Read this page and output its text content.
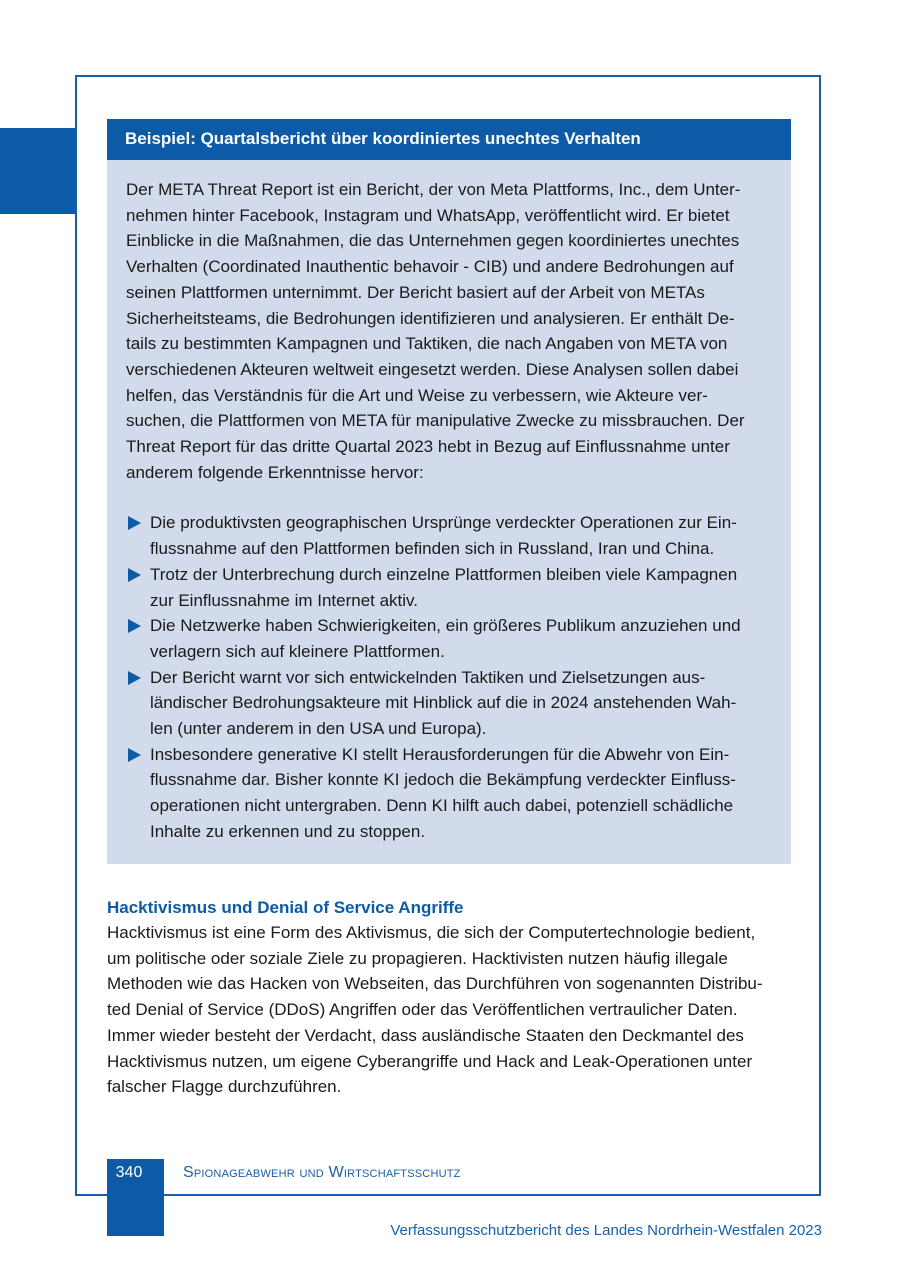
Beispiel: Quartalsbericht über koordiniertes unechtes Verhalten

Der META Threat Report ist ein Bericht, der von Meta Plattforms, Inc., dem Unter-
nehmen hinter Facebook, Instagram und WhatsApp, veröffentlicht wird. Er bietet
Einblicke in die Maßnahmen, die das Unternehmen gegen koordiniertes unechtes
Verhalten (Coordinated Inauthentic behavoir - CIB) und andere Bedrohungen auf
seinen Plattformen unternimmt. Der Bericht basiert auf der Arbeit von METAs
Sicherheitsteams, die Bedrohungen identifizieren und analysieren. Er enthält De-
tails zu bestimmten Kampagnen und Taktiken, die nach Angaben von META von
verschiedenen Akteuren weltweit eingesetzt werden. Diese Analysen sollen dabei
helfen, das Verständnis für die Art und Weise zu verbessern, wie Akteure ver-
suchen, die Plattformen von META für manipulative Zwecke zu missbrauchen. Der
Threat Report für das dritte Quartal 2023 hebt in Bezug auf Einflussnahme unter
anderem folgende Erkenntnisse hervor:

Die produktivsten geographischen Ursprünge verdeckter Operationen zur Ein-
flussnahme auf den Plattformen befinden sich in Russland, Iran und China.
Trotz der Unterbrechung durch einzelne Plattformen bleiben viele Kampagnen
zur Einflussnahme im Internet aktiv.
Die Netzwerke haben Schwierigkeiten, ein größeres Publikum anzuziehen und
verlagern sich auf kleinere Plattformen.
Der Bericht warnt vor sich entwickelnden Taktiken und Zielsetzungen aus-
ländischer Bedrohungsakteure mit Hinblick auf die in 2024 anstehenden Wah-
len (unter anderem in den USA und Europa).
Insbesondere generative KI stellt Herausforderungen für die Abwehr von Ein-
flussnahme dar. Bisher konnte KI jedoch die Bekämpfung verdeckter Einfluss-
operationen nicht untergraben. Denn KI hilft auch dabei, potenziell schädliche
Inhalte zu erkennen und zu stoppen.
Hacktivismus und Denial of Service Angriffe

Hacktivismus ist eine Form des Aktivismus, die sich der Computertechnologie bedient,
um politische oder soziale Ziele zu propagieren. Hacktivisten nutzen häufig illegale
Methoden wie das Hacken von Webseiten, das Durchführen von sogenannten Distribu-
ted Denial of Service (DDoS) Angriffen oder das Veröffentlichen vertraulicher Daten.
Immer wieder besteht der Verdacht, dass ausländische Staaten den Deckmantel des
Hacktivismus nutzen, um eigene Cyberangriffe und Hack and Leak-Operationen unter
falscher Flagge durchzuführen.

340	Spionageabwehr und Wirtschaftsschutz
Verfassungsschutzbericht des Landes Nordrhein-Westfalen 2023
